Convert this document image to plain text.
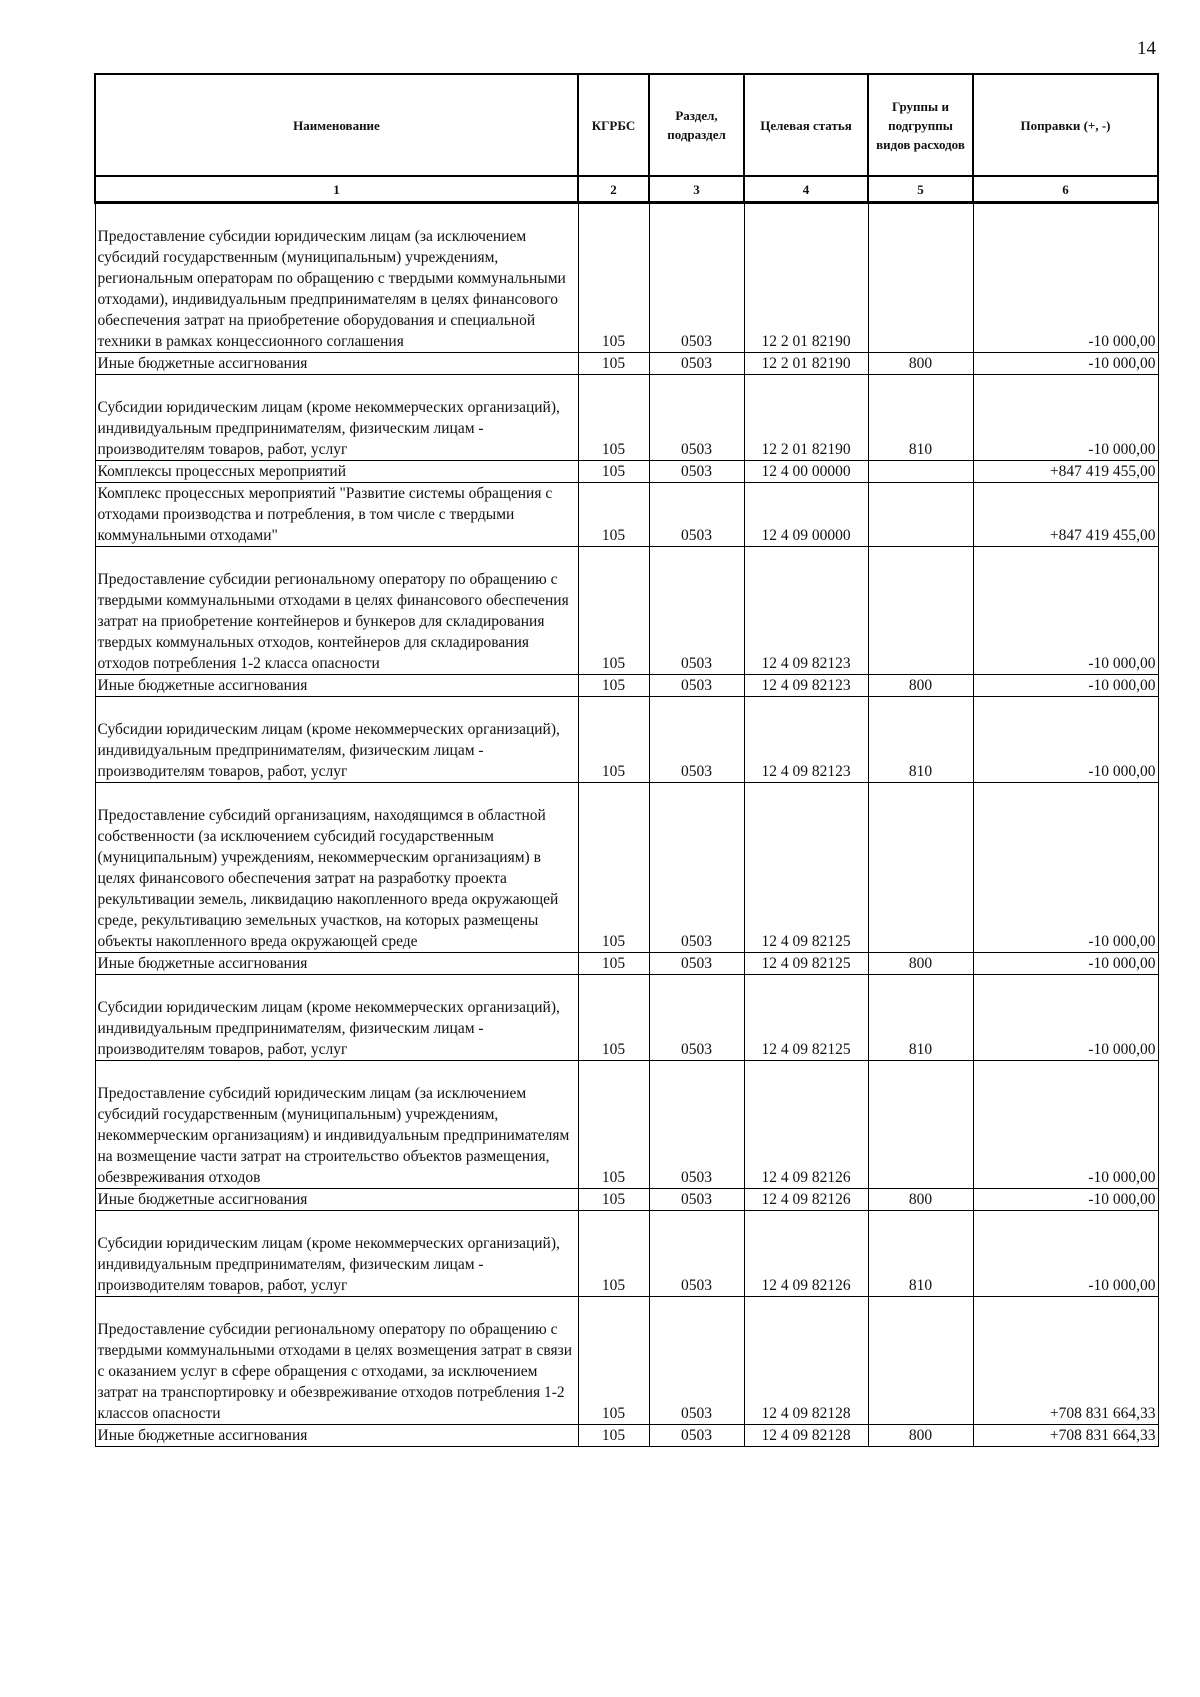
14
Наименование	КГРБС	Раздел, подраздел	Целевая статья	Группы и подгруппы видов расходов	Поправки (+, -)
1	2	3	4	5	6
Предоставление субсидии юридическим лицам (за исключением субсидий государственным (муниципальным) учреждениям, региональным операторам по обращению с твердыми коммунальными отходами), индивидуальным предпринимателям в целях финансового обеспечения затрат на приобретение оборудования и специальной техники в рамках концессионного соглашения	105	0503	12 2 01 82190		-10 000,00
Иные бюджетные ассигнования	105	0503	12 2 01 82190	800	-10 000,00
Субсидии юридическим лицам (кроме некоммерческих организаций), индивидуальным предпринимателям, физическим лицам - производителям товаров, работ, услуг	105	0503	12 2 01 82190	810	-10 000,00
Комплексы процессных мероприятий	105	0503	12 4 00 00000		+847 419 455,00
Комплекс процессных мероприятий "Развитие системы обращения с отходами производства и потребления, в том числе с твердыми коммунальными отходами"	105	0503	12 4 09 00000		+847 419 455,00
Предоставление субсидии региональному оператору по обращению с твердыми коммунальными отходами в целях финансового обеспечения затрат на приобретение контейнеров и бункеров для складирования твердых коммунальных отходов, контейнеров для складирования отходов потребления 1-2 класса опасности	105	0503	12 4 09 82123		-10 000,00
Иные бюджетные ассигнования	105	0503	12 4 09 82123	800	-10 000,00
Субсидии юридическим лицам (кроме некоммерческих организаций), индивидуальным предпринимателям, физическим лицам - производителям товаров, работ, услуг	105	0503	12 4 09 82123	810	-10 000,00
Предоставление субсидий организациям, находящимся в областной собственности (за исключением субсидий государственным (муниципальным) учреждениям, некоммерческим организациям) в целях финансового обеспечения затрат на разработку проекта рекультивации земель, ликвидацию накопленного вреда окружающей среде, рекультивацию земельных участков, на которых размещены объекты накопленного вреда окружающей среде	105	0503	12 4 09 82125		-10 000,00
Иные бюджетные ассигнования	105	0503	12 4 09 82125	800	-10 000,00
Субсидии юридическим лицам (кроме некоммерческих организаций), индивидуальным предпринимателям, физическим лицам - производителям товаров, работ, услуг	105	0503	12 4 09 82125	810	-10 000,00
Предоставление субсидий юридическим лицам (за исключением субсидий государственным (муниципальным) учреждениям, некоммерческим организациям) и индивидуальным предпринимателям на возмещение части затрат на строительство объектов размещения, обезвреживания отходов	105	0503	12 4 09 82126		-10 000,00
Иные бюджетные ассигнования	105	0503	12 4 09 82126	800	-10 000,00
Субсидии юридическим лицам (кроме некоммерческих организаций), индивидуальным предпринимателям, физическим лицам - производителям товаров, работ, услуг	105	0503	12 4 09 82126	810	-10 000,00
Предоставление субсидии региональному оператору по обращению с твердыми коммунальными отходами в целях возмещения затрат в связи с оказанием услуг в сфере обращения с отходами, за исключением затрат на транспортировку и обезвреживание отходов потребления 1-2 классов опасности	105	0503	12 4 09 82128		+708 831 664,33
Иные бюджетные ассигнования	105	0503	12 4 09 82128	800	+708 831 664,33
